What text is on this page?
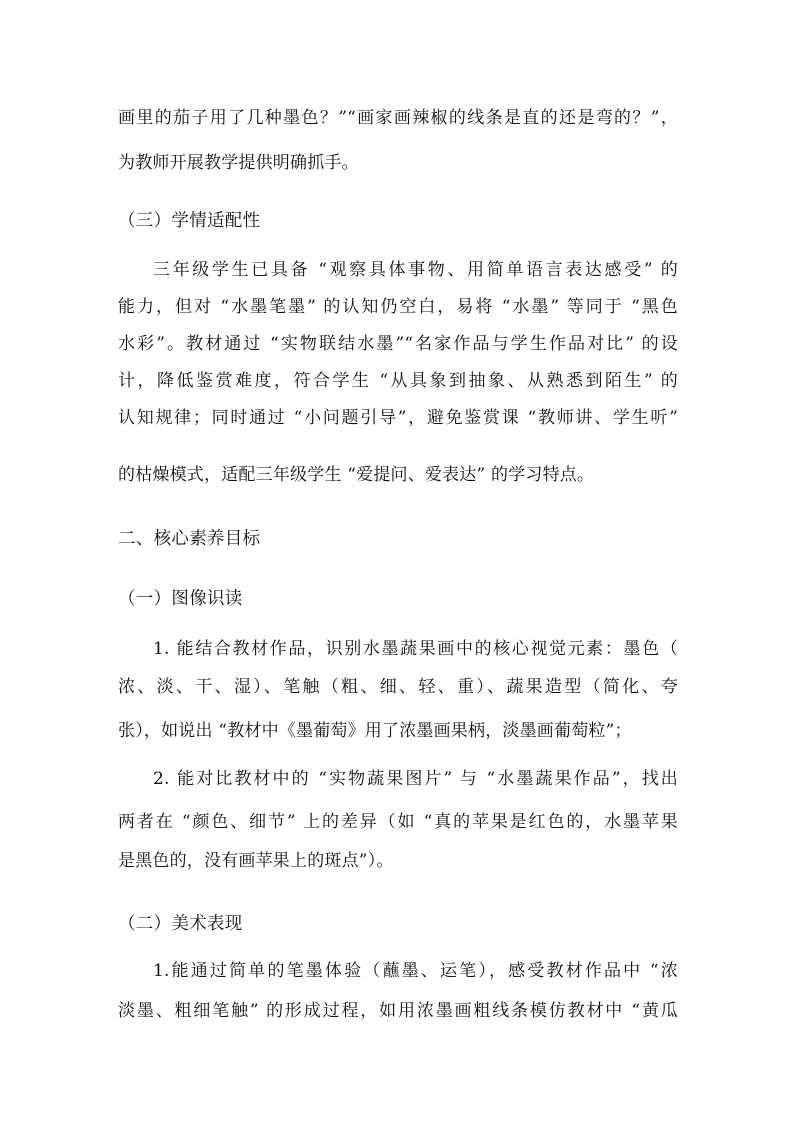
画里的茄子用了几种墨色？”“画家画辣椒的线条是直的还是弯的？”，
为教师开展教学提供明确抓手。
（三）学情适配性
三年级学生已具备 “观察具体事物、用简单语言表达感受” 的
能力，但对 “水墨笔墨” 的认知仍空白，易将 “水墨” 等同于 “黑色
水彩”。教材通过 “实物联结水墨”“名家作品与学生作品对比” 的设
计，降低鉴赏难度，符合学生 “从具象到抽象、从熟悉到陌生” 的
认知规律；同时通过 “小问题引导”，避免鉴赏课 “教师讲、学生听”
的枯燥模式，适配三年级学生 “爱提问、爱表达” 的学习特点。
二、核心素养目标
（一）图像识读
1. 能结合教材作品，识别水墨蔬果画中的核心视觉元素：墨色（
浓、淡、干、湿）、笔触（粗、细、轻、重）、蔬果造型（简化、夸
张），如说出 “教材中《墨葡萄》用了浓墨画果柄，淡墨画葡萄粒”；
2. 能对比教材中的 “实物蔬果图片” 与 “水墨蔬果作品”，找出
两者在 “颜色、细节” 上的差异（如 “真的苹果是红色的，水墨苹果
是黑色的，没有画苹果上的斑点”）。
（二）美术表现
1.能通过简单的笔墨体验（蘸墨、运笔），感受教材作品中 “浓
淡墨、粗细笔触” 的形成过程，如用浓墨画粗线条模仿教材中 “黄瓜
